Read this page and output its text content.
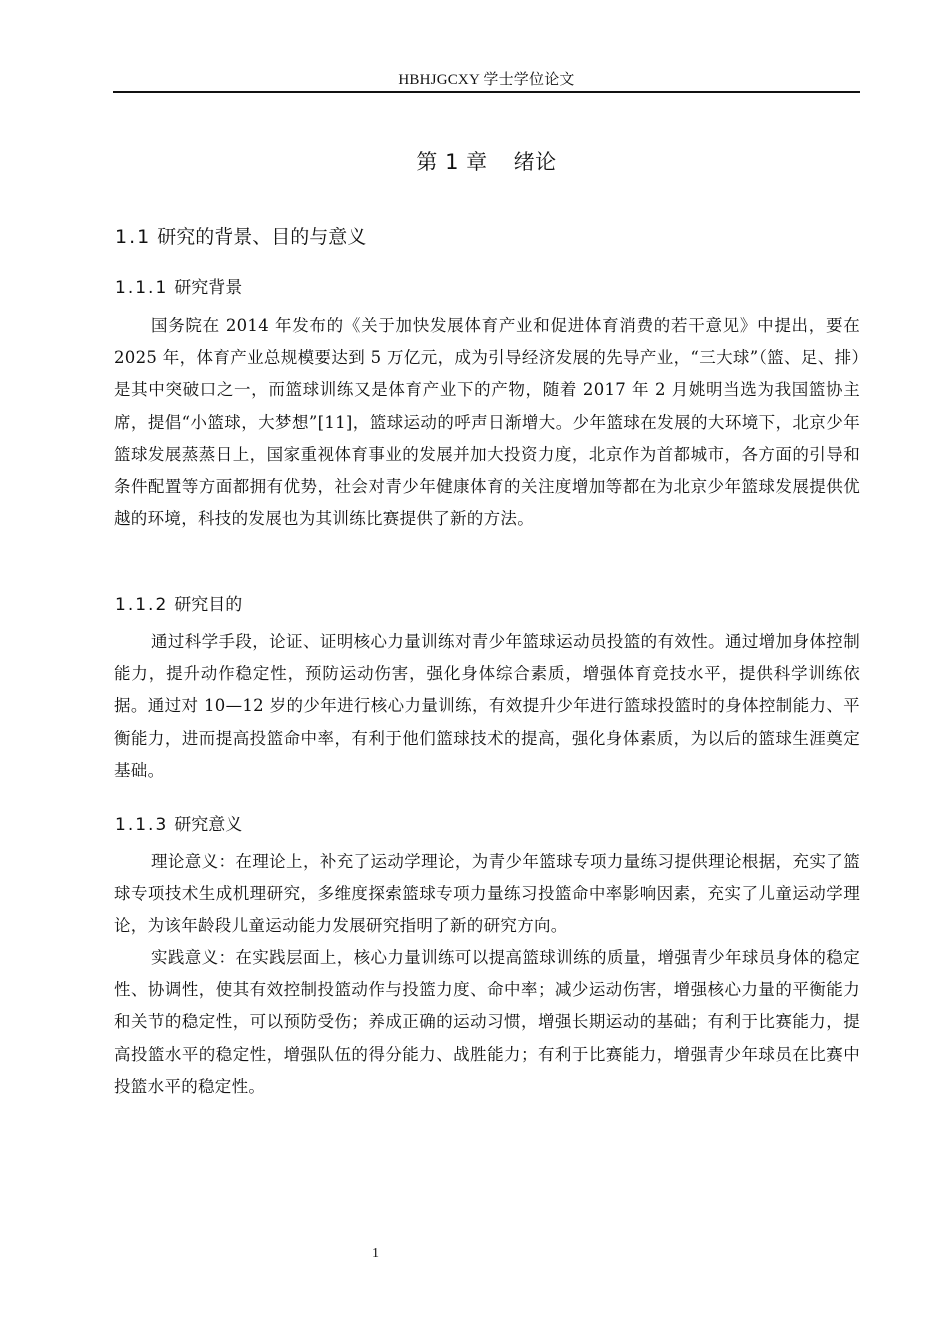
HBHJGCXY 学士学位论文
第 1 章 绪论
1.1 研究的背景、目的与意义
1.1.1 研究背景

国务院在 2014 年发布的《关于加快发展体育产业和促进体育消费的若干意见》中提出，要在 2025 年，体育产业总规模要达到 5 万亿元，成为引导经济发展的先导产业，“三大球”（篮、足、排）是其中突破口之一，而篮球训练又是体育产业下的产物，随着 2017 年 2 月姚明当选为我国篮协主席，提倡“小篮球，大梦想”[11]，篮球运动的呼声日渐增大。少年篮球在发展的大环境下，北京少年篮球发展蒸蒸日上，国家重视体育事业的发展并加大投资力度，北京作为首都城市，各方面的引导和条件配置等方面都拥有优势，社会对青少年健康体育的关注度增加等都在为北京少年篮球发展提供优越的环境，科技的发展也为其训练比赛提供了新的方法。

1.1.2 研究目的

通过科学手段，论证、证明核心力量训练对青少年篮球运动员投篮的有效性。通过增加身体控制能力，提升动作稳定性，预防运动伤害，强化身体综合素质，增强体育竞技水平，提供科学训练依据。通过对 10—12 岁的少年进行核心力量训练，有效提升少年进行篮球投篮时的身体控制能力、平衡能力，进而提高投篮命中率，有利于他们篮球技术的提高，强化身体素质，为以后的篮球生涯奠定基础。

1.1.3 研究意义

理论意义：在理论上，补充了运动学理论，为青少年篮球专项力量练习提供理论根据，充实了篮球专项技术生成机理研究，多维度探索篮球专项力量练习投篮命中率影响因素，充实了儿童运动学理论，为该年龄段儿童运动能力发展研究指明了新的研究方向。

实践意义：在实践层面上，核心力量训练可以提高篮球训练的质量，增强青少年球员身体的稳定性、协调性，使其有效控制投篮动作与投篮力度、命中率；减少运动伤害，增强核心力量的平衡能力和关节的稳定性，可以预防受伤；养成正确的运动习惯，增强长期运动的基础；有利于比赛能力，提高投篮水平的稳定性，增强队伍的得分能力、战胜能力；有利于比赛能力，增强青少年球员在比赛中投篮水平的稳定性。

1
